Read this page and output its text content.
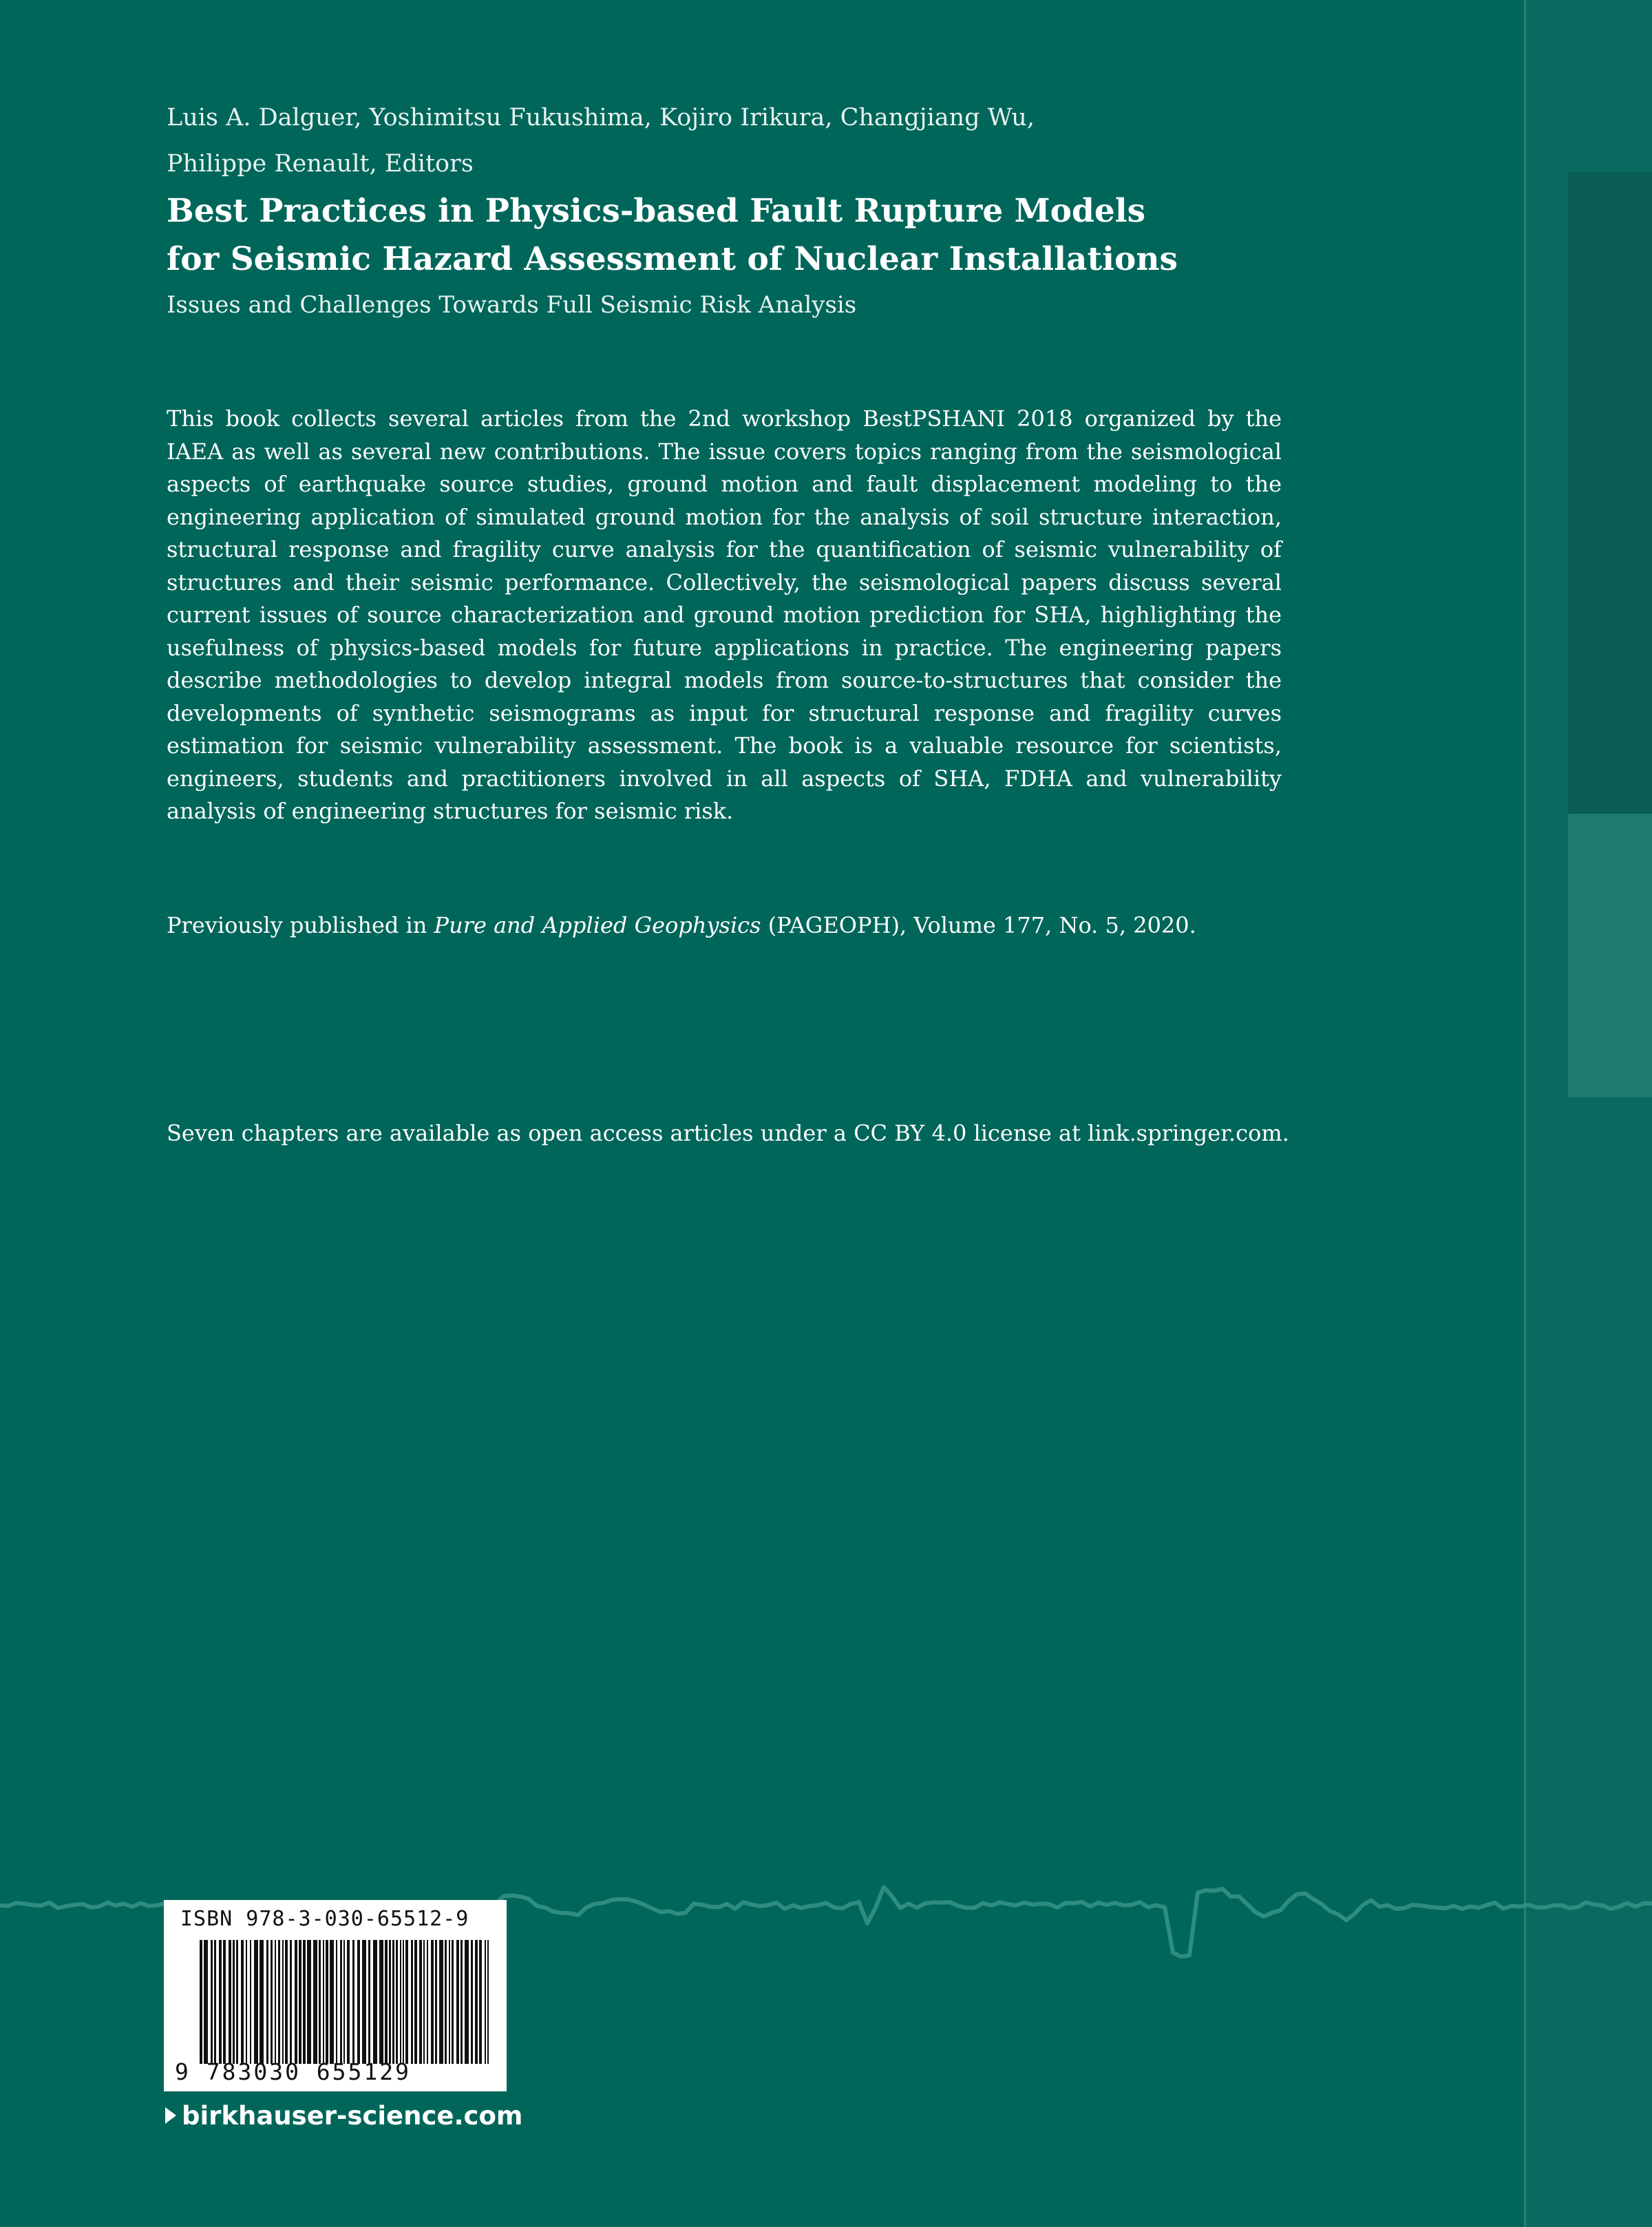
Luis A. Dalguer, Yoshimitsu Fukushima, Kojiro Irikura, Changjiang Wu,
Philippe Renault, Editors
Best Practices in Physics-based Fault Rupture Models
for Seismic Hazard Assessment of Nuclear Installations
Issues and Challenges Towards Full Seismic Risk Analysis

This book collects several articles from the 2nd workshop BestPSHANI 2018 organized by the IAEA as well as several new contributions. The issue covers topics ranging from the seismological aspects of earthquake source studies, ground motion and fault displacement modeling to the engineering application of simulated ground motion for the analysis of soil structure interaction, structural response and fragility curve analysis for the quantification of seismic vulnerability of structures and their seismic performance. Collectively, the seismological papers discuss several current issues of source characterization and ground motion prediction for SHA, highlighting the usefulness of physics-based models for future applications in practice. The engineering papers describe methodologies to develop integral models from source-to-structures that consider the developments of synthetic seismograms as input for structural response and fragility curves estimation for seismic vulnerability assessment. The book is a valuable resource for scientists, engineers, students and practitioners involved in all aspects of SHA, FDHA and vulnerability analysis of engineering structures for seismic risk.

Previously published in Pure and Applied Geophysics (PAGEOPH), Volume 177, No. 5, 2020.

Seven chapters are available as open access articles under a CC BY 4.0 license at link.springer.com.

ISBN 978-3-030-65512-9
9 783030 655129
birkhauser-science.com
